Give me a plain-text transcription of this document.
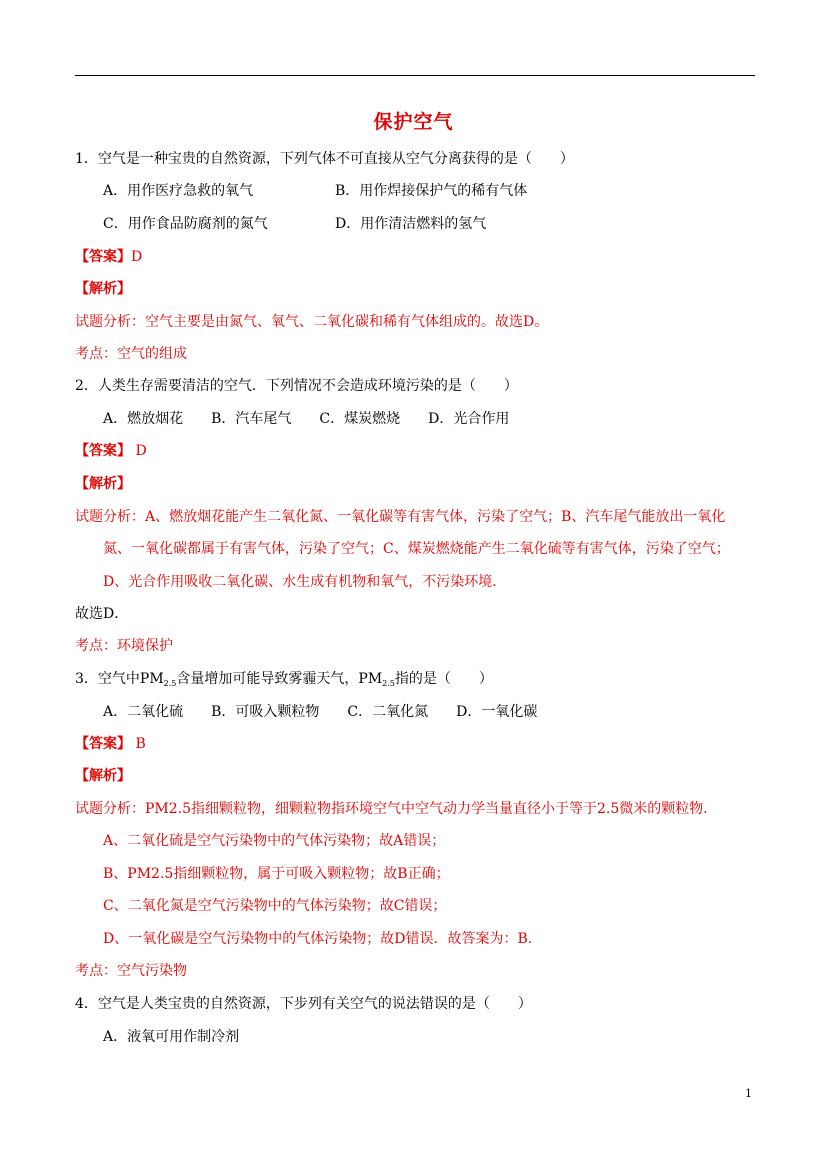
保护空气
1．空气是一种宝贵的自然资源，下列气体不可直接从空气分离获得的是（　　）
A．用作医疗急救的氧气	B．用作焊接保护气的稀有气体
C．用作食品防腐剂的氮气	D．用作清洁燃料的氢气
【答案】D
【解析】
试题分析：空气主要是由氮气、氧气、二氧化碳和稀有气体组成的。故选D。
考点：空气的组成
2．人类生存需要清洁的空气．下列情况不会造成环境污染的是（　　）
A．燃放烟花　　B．汽车尾气　　C．煤炭燃烧　　D．光合作用
【答案】 D
【解析】
试题分析：A、燃放烟花能产生二氧化氮、一氧化碳等有害气体，污染了空气；B、汽车尾气能放出一氧化
氮、一氧化碳都属于有害气体，污染了空气；C、煤炭燃烧能产生二氧化硫等有害气体，污染了空气；
D、光合作用吸收二氧化碳、水生成有机物和氧气，不污染环境．
故选D．
考点：环境保护
3．空气中$PM_{2.5}$含量增加可能导致雾霾天气，$PM_{2.5}$指的是（　　）
A．二氧化硫　　B．可吸入颗粒物　　C．二氧化氮　　D．一氧化碳
【答案】 B
【解析】
试题分析：PM2.5指细颗粒物，细颗粒物指环境空气中空气动力学当量直径小于等于2.5微米的颗粒物．
A、二氧化硫是空气污染物中的气体污染物；故A错误；
B、PM2.5指细颗粒物，属于可吸入颗粒物；故B正确；
C、二氧化氮是空气污染物中的气体污染物；故C错误；
D、一氧化碳是空气污染物中的气体污染物；故D错误．故答案为：B.
考点：空气污染物
4．空气是人类宝贵的自然资源，下步列有关空气的说法错误的是（　　）
A．液氧可用作制冷剂
1
